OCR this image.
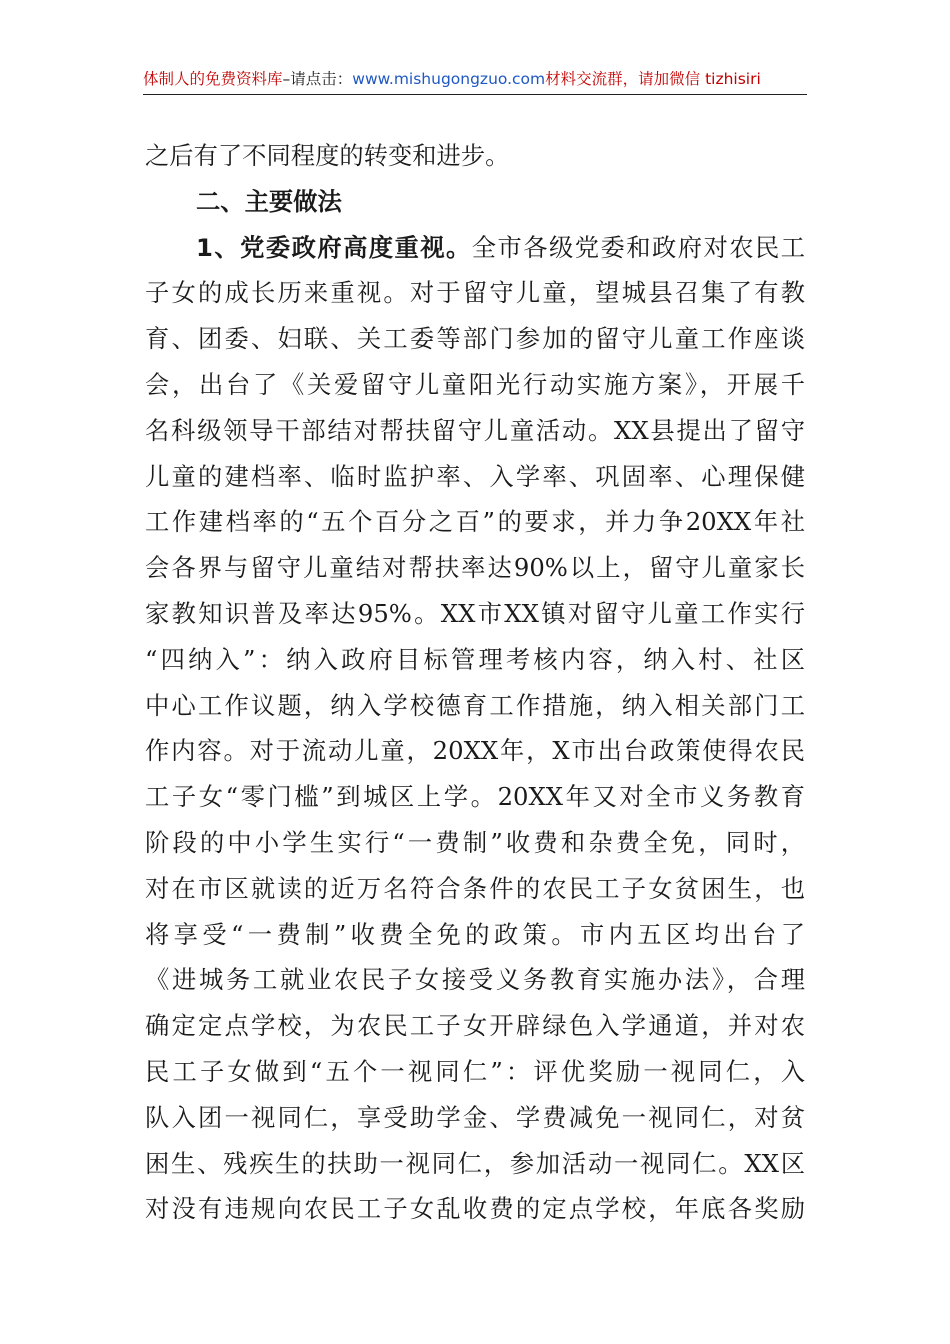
体制人的免费资料库–请点击：www.mishugongzuo.com材料交流群，请加微信 tizhisiri
之后有了不同程度的转变和进步。
二、主要做法
1、党委政府高度重视。全市各级党委和政府对农民工
子女的成长历来重视。对于留守儿童，望城县召集了有教
育、团委、妇联、关工委等部门参加的留守儿童工作座谈
会，出台了《关爱留守儿童阳光行动实施方案》，开展千
名科级领导干部结对帮扶留守儿童活动。XX县提出了留守
儿童的建档率、临时监护率、入学率、巩固率、心理保健
工作建档率的“五个百分之百”的要求，并力争20XX年社
会各界与留守儿童结对帮扶率达90%以上，留守儿童家长
家教知识普及率达95%。XX市XX镇对留守儿童工作实行
“四纳入”：纳入政府目标管理考核内容，纳入村、社区
中心工作议题，纳入学校德育工作措施，纳入相关部门工
作内容。对于流动儿童，20XX年，X市出台政策使得农民
工子女“零门槛”到城区上学。20XX年又对全市义务教育
阶段的中小学生实行“一费制”收费和杂费全免，同时，
对在市区就读的近万名符合条件的农民工子女贫困生，也
将享受“一费制”收费全免的政策。市内五区均出台了
《进城务工就业农民子女接受义务教育实施办法》，合理
确定定点学校，为农民工子女开辟绿色入学通道，并对农
民工子女做到“五个一视同仁”：评优奖励一视同仁，入
队入团一视同仁，享受助学金、学费减免一视同仁，对贫
困生、残疾生的扶助一视同仁，参加活动一视同仁。XX区
对没有违规向农民工子女乱收费的定点学校，年底各奖励
